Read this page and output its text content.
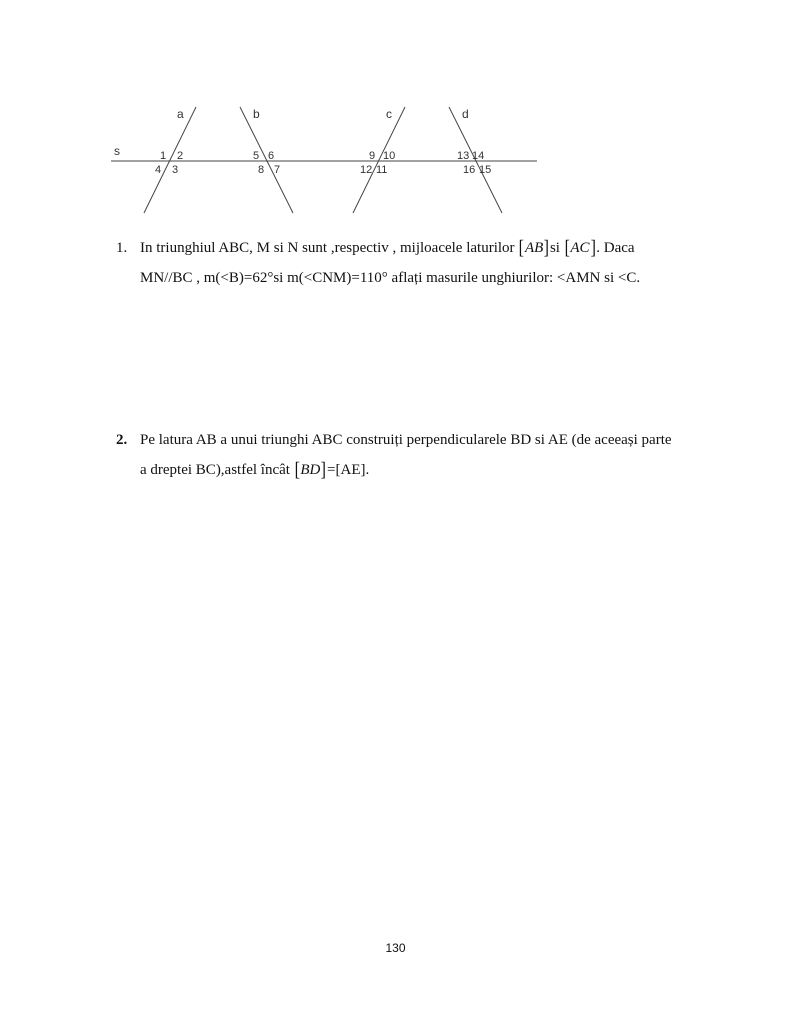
s
a	b	c	d
1 2
3
4
5 6
7
8
9 10
11
12
13 14
15
16
1. In triunghiul ABC, M si N sunt ,respectiv , mijloacele laturilor [AB]si [AC]. Daca
MN//BC , m(<B)=62°si m(<CNM)=110° aflați masurile unghiurilor: <AMN si <C.
2. Pe latura AB a unui triunghi ABC construiți perpendicularele BD si AE (de aceeași parte
a dreptei BC),astfel încât [BD]=[AE].
130
